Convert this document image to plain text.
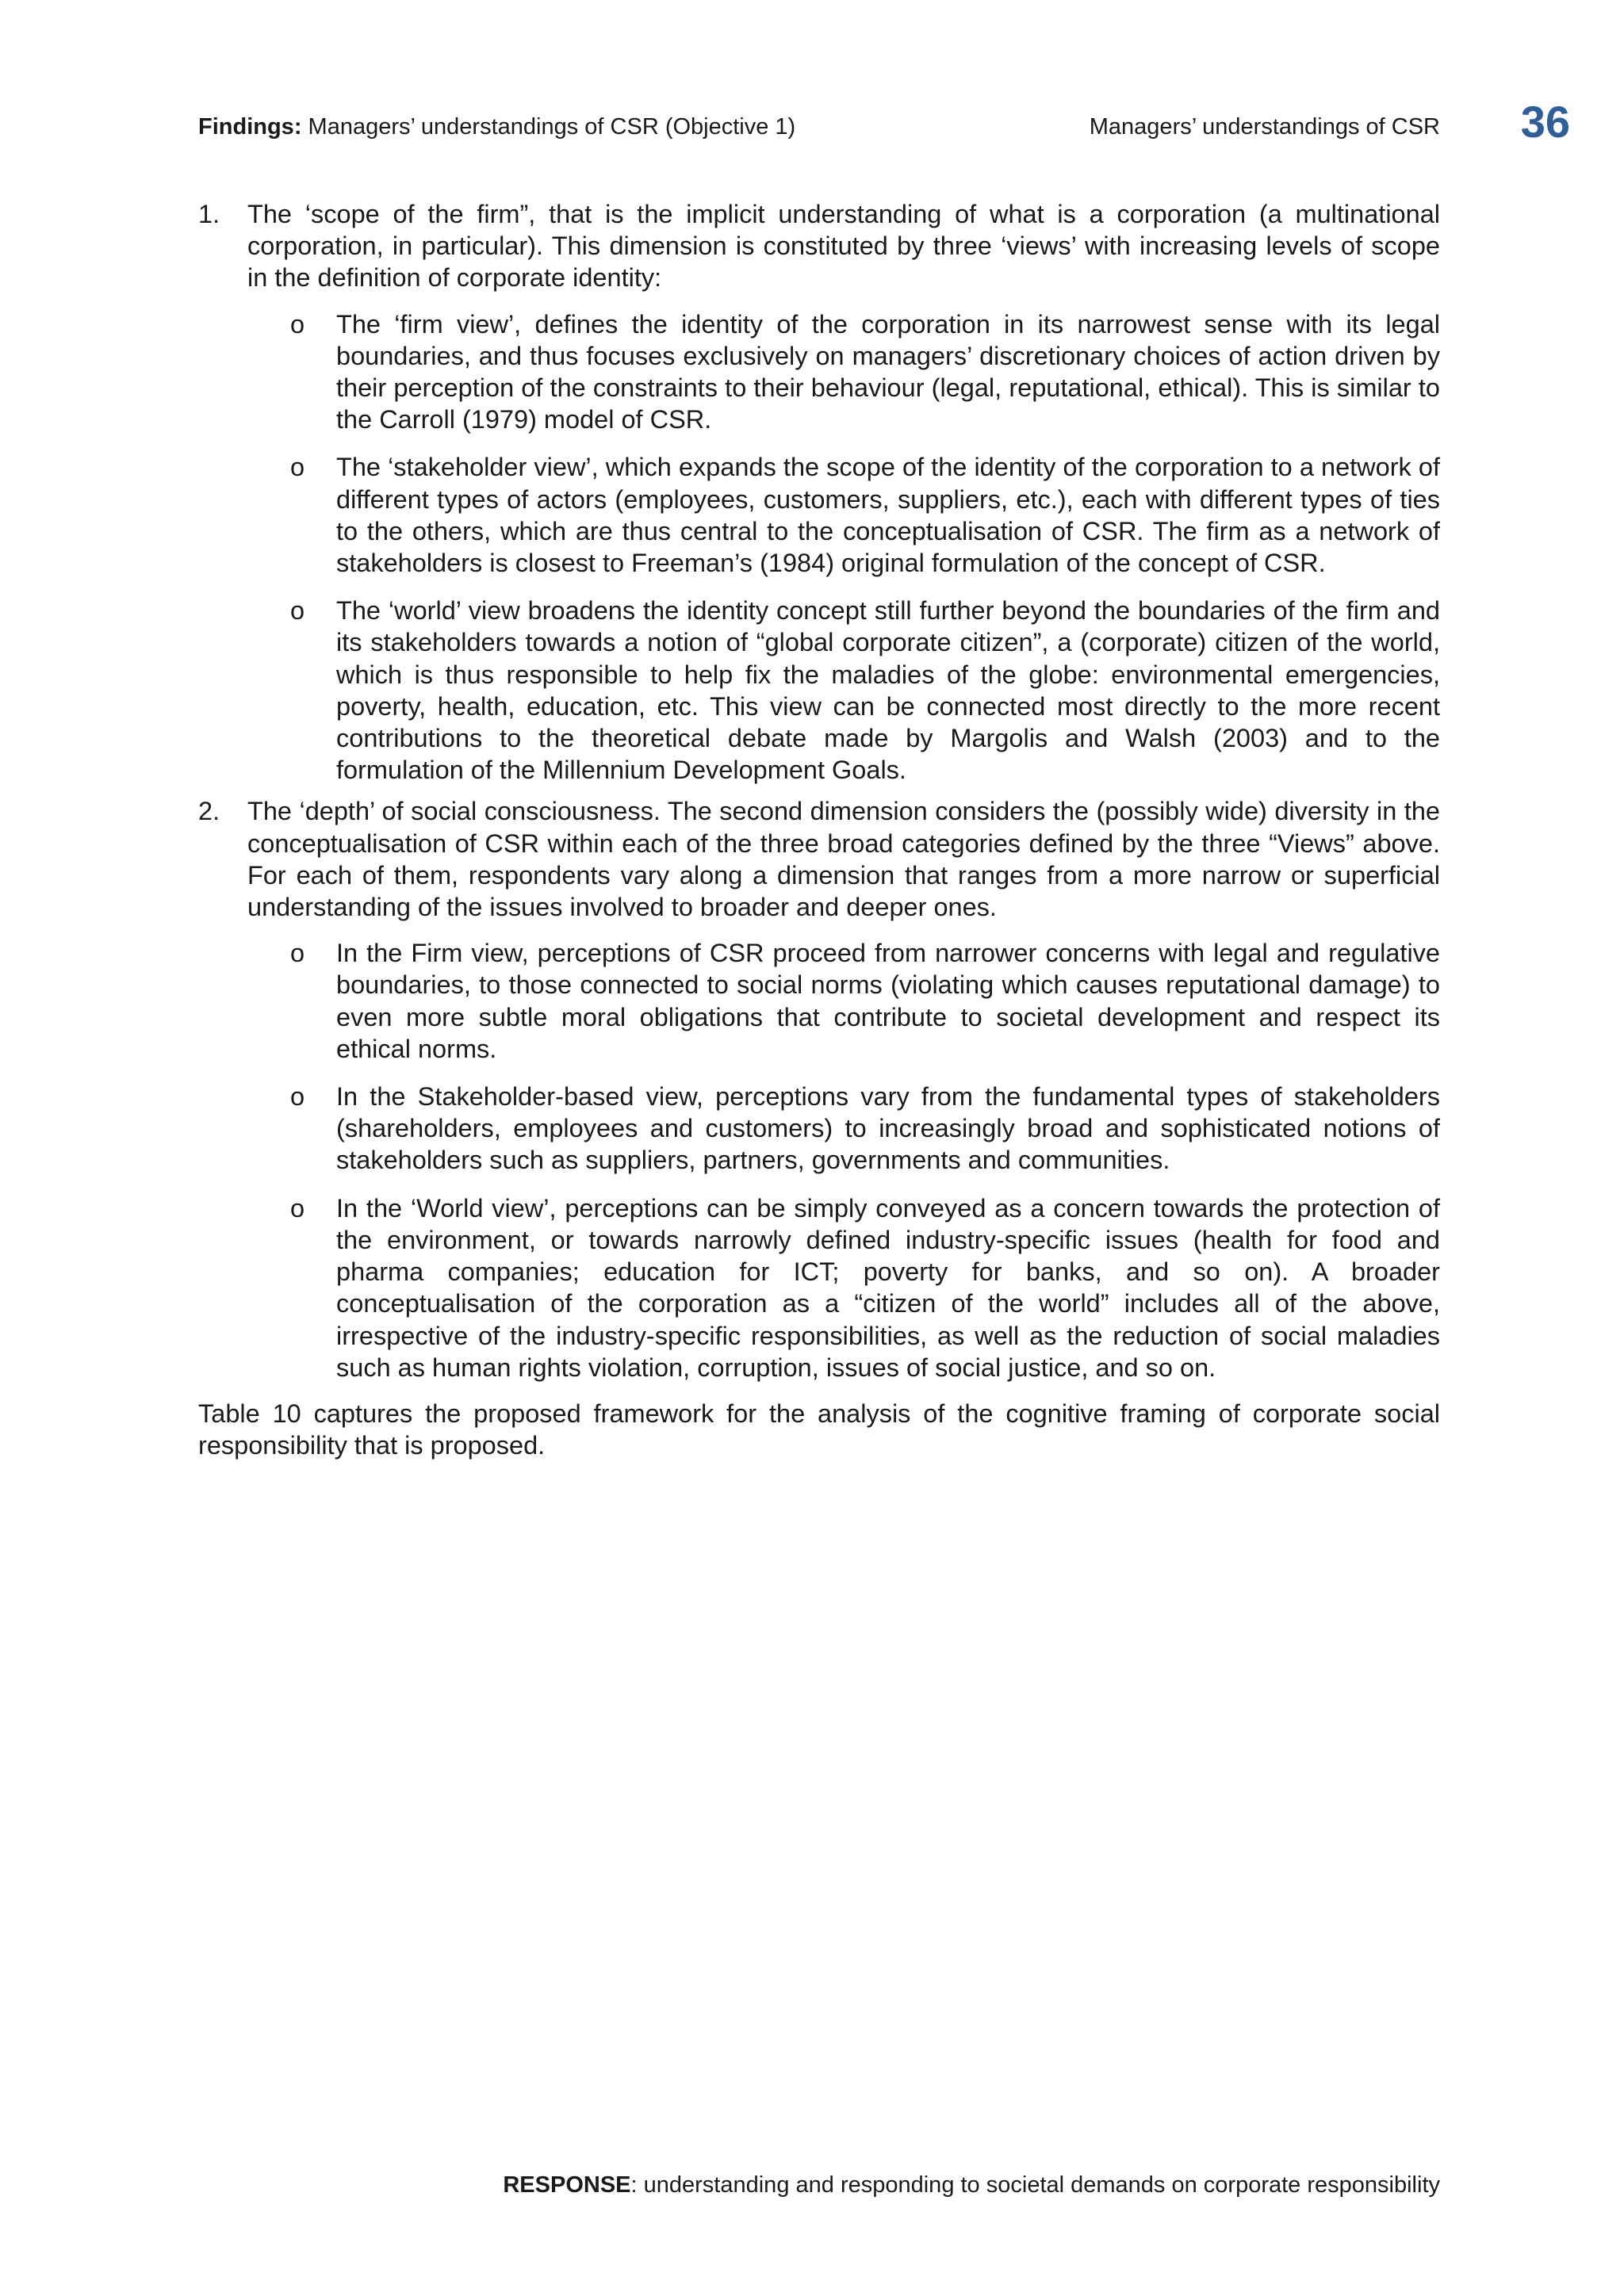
Findings: Managers’ understandings of CSR (Objective 1)	Managers’ understandings of CSR	36
1. The ‘scope of the firm”, that is the implicit understanding of what is a corporation (a multinational corporation, in particular). This dimension is constituted by three ‘views’ with increasing levels of scope in the definition of corporate identity:
o The ‘firm view’, defines the identity of the corporation in its narrowest sense with its legal boundaries, and thus focuses exclusively on managers’ discretionary choices of action driven by their perception of the constraints to their behaviour (legal, reputational, ethical). This is similar to the Carroll (1979) model of CSR.
o The ‘stakeholder view’, which expands the scope of the identity of the corporation to a network of different types of actors (employees, customers, suppliers, etc.), each with different types of ties to the others, which are thus central to the conceptualisation of CSR. The firm as a network of stakeholders is closest to Freeman’s (1984) original formulation of the concept of CSR.
o The ‘world’ view broadens the identity concept still further beyond the boundaries of the firm and its stakeholders towards a notion of “global corporate citizen”, a (corporate) citizen of the world, which is thus responsible to help fix the maladies of the globe: environmental emergencies, poverty, health, education, etc. This view can be connected most directly to the more recent contributions to the theoretical debate made by Margolis and Walsh (2003) and to the formulation of the Millennium Development Goals.
2. The ‘depth’ of social consciousness. The second dimension considers the (possibly wide) diversity in the conceptualisation of CSR within each of the three broad categories defined by the three “Views” above. For each of them, respondents vary along a dimension that ranges from a more narrow or superficial understanding of the issues involved to broader and deeper ones.
o In the Firm view, perceptions of CSR proceed from narrower concerns with legal and regulative boundaries, to those connected to social norms (violating which causes reputational damage) to even more subtle moral obligations that contribute to societal development and respect its ethical norms.
o In the Stakeholder-based view, perceptions vary from the fundamental types of stakeholders (shareholders, employees and customers) to increasingly broad and sophisticated notions of stakeholders such as suppliers, partners, governments and communities.
o In the ‘World view’, perceptions can be simply conveyed as a concern towards the protection of the environment, or towards narrowly defined industry-specific issues (health for food and pharma companies; education for ICT; poverty for banks, and so on). A broader conceptualisation of the corporation as a “citizen of the world” includes all of the above, irrespective of the industry-specific responsibilities, as well as the reduction of social maladies such as human rights violation, corruption, issues of social justice, and so on.

Table 10 captures the proposed framework for the analysis of the cognitive framing of corporate social responsibility that is proposed.

RESPONSE: understanding and responding to societal demands on corporate responsibility
